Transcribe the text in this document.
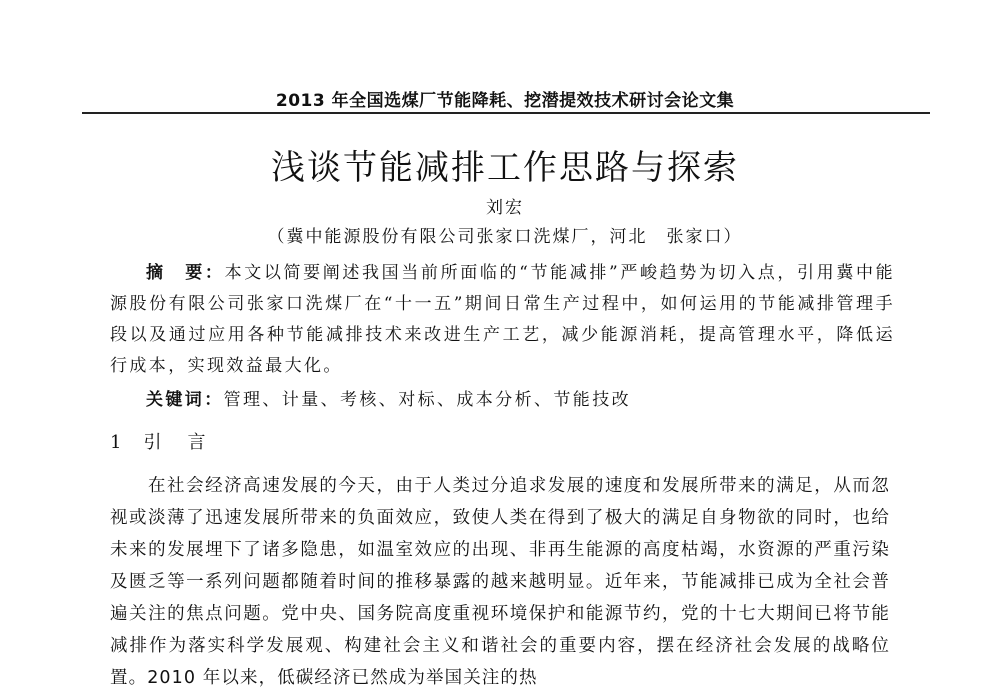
2013 年全国选煤厂节能降耗、挖潜提效技术研讨会论文集
浅谈节能减排工作思路与探索
刘宏
（冀中能源股份有限公司张家口洗煤厂，河北　张家口）
摘　要：本文以简要阐述我国当前所面临的“节能减排”严峻趋势为切入点，引用冀中能源股份有限公司张家口洗煤厂在“十一五”期间日常生产过程中，如何运用的节能减排管理手段以及通过应用各种节能减排技术来改进生产工艺，减少能源消耗，提高管理水平，降低运行成本，实现效益最大化。
关键词：管理、计量、考核、对标、成本分析、节能技改
1 引　言

在社会经济高速发展的今天，由于人类过分追求发展的速度和发展所带来的满足，从而忽视或淡薄了迅速发展所带来的负面效应，致使人类在得到了极大的满足自身物欲的同时，也给未来的发展埋下了诸多隐患，如温室效应的出现、非再生能源的高度枯竭，水资源的严重污染及匮乏等一系列问题都随着时间的推移暴露的越来越明显。近年来，节能减排已成为全社会普遍关注的焦点问题。党中央、国务院高度重视环境保护和能源节约，党的十七大期间已将节能减排作为落实科学发展观、构建社会主义和谐社会的重要内容，摆在经济社会发展的战略位置。2010 年以来，低碳经济已然成为举国关注的热
